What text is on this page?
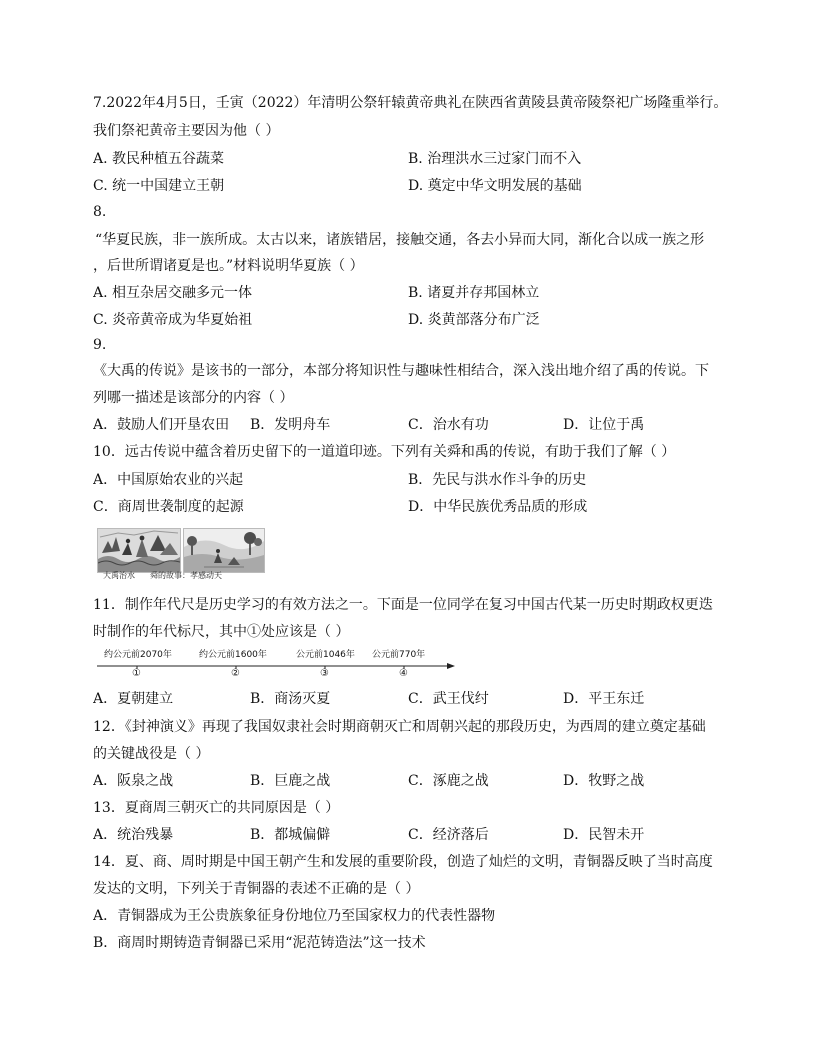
7.2022年4月5日，壬寅（2022）年清明公祭轩辕黄帝典礼在陕西省黄陵县黄帝陵祭祀广场隆重举行。
我们祭祀黄帝主要因为他（ ）
A. 教民种植五谷蔬菜	B. 治理洪水三过家门而不入
C. 统一中国建立王朝	D. 奠定中华文明发展的基础
8.
“华夏民族，非一族所成。太古以来，诸族错居，接触交通，各去小异而大同，渐化合以成一族之形
，后世所谓诸夏是也。”材料说明华夏族（ ）
A. 相互杂居交融多元一体	B. 诸夏并存邦国林立
C. 炎帝黄帝成为华夏始祖	D. 炎黄部落分布广泛
9.
《大禹的传说》是该书的一部分，本部分将知识性与趣味性相结合，深入浅出地介绍了禹的传说。下
列哪一描述是该部分的内容（ ）
A．鼓励人们开垦农田 B．发明舟车	C．治水有功	D．让位于禹
10．远古传说中蕴含着历史留下的一道道印迹。下列有关舜和禹的传说，有助于我们了解（ ）
A．中国原始农业的兴起	B．先民与洪水作斗争的历史
C．商周世袭制度的起源	D．中华民族优秀品质的形成
大禹治水 舜的故事：孝感动天
11．制作年代尺是历史学习的有效方法之一。下面是一位同学在复习中国古代某一历史时期政权更迭
时制作的年代标尺，其中①处应该是（ ）
约公元前2070年	约公元前1600年	公元前1046年 公元前770年
①	②	③	④
A．夏朝建立	B．商汤灭夏	C．武王伐纣	D．平王东迁
12．《封神演义》再现了我国奴隶社会时期商朝灭亡和周朝兴起的那段历史，为西周的建立奠定基础
的关键战役是（ ）
A．阪泉之战	B．巨鹿之战	C．涿鹿之战	D．牧野之战
13．夏商周三朝灭亡的共同原因是（ ）
A．统治残暴	B．都城偏僻	C．经济落后	D．民智未开
14．夏、商、周时期是中国王朝产生和发展的重要阶段，创造了灿烂的文明，青铜器反映了当时高度
发达的文明，下列关于青铜器的表述不正确的是（ ）
A．青铜器成为王公贵族象征身份地位乃至国家权力的代表性器物
B．商周时期铸造青铜器已采用“泥范铸造法”这一技术
